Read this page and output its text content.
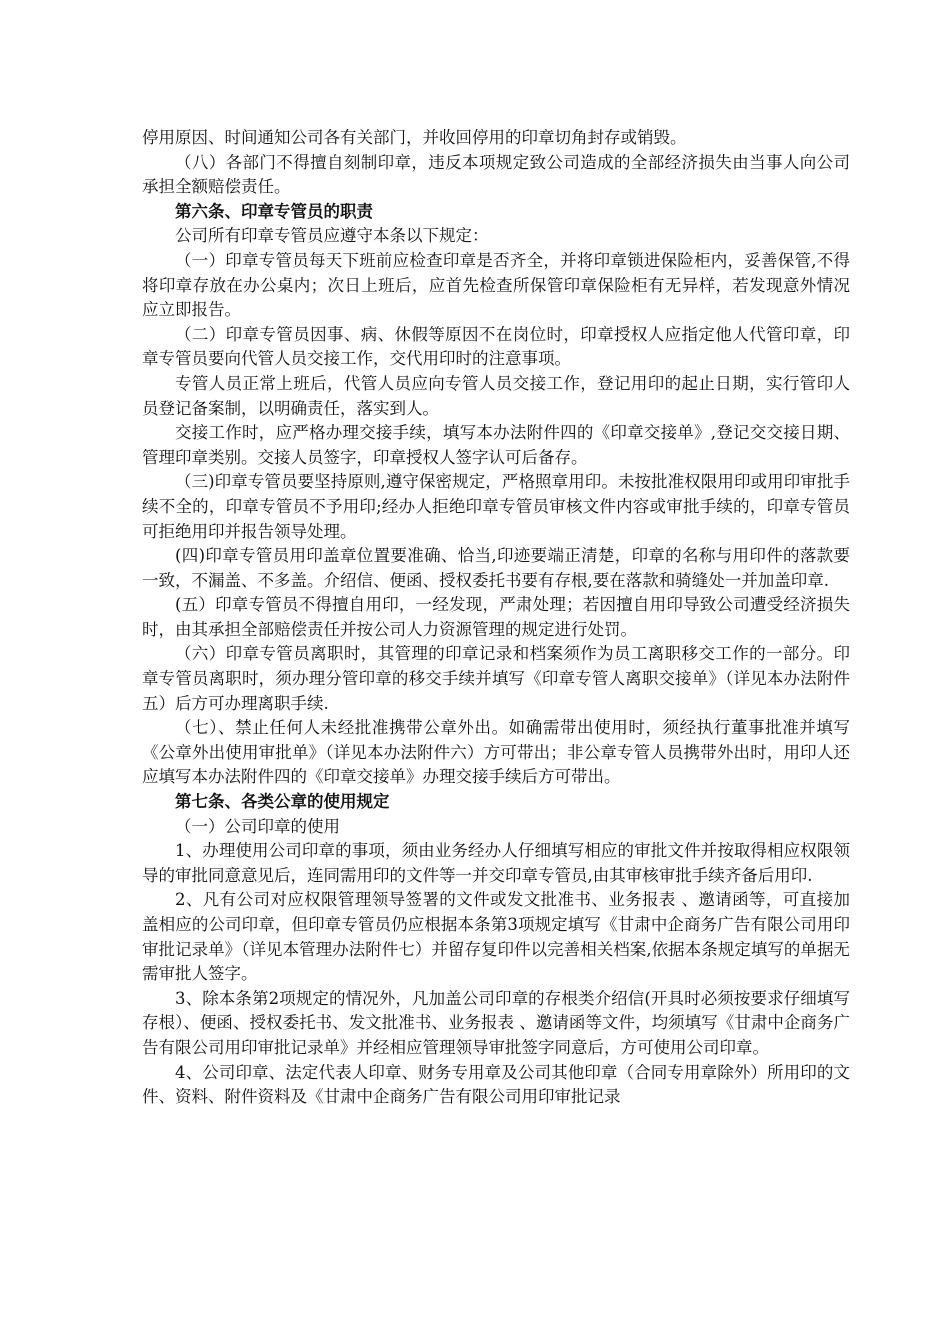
停用原因、时间通知公司各有关部门，并收回停用的印章切角封存或销毁。

（八）各部门不得擅自刻制印章，违反本项规定致公司造成的全部经济损失由当事人向公司承担全额赔偿责任。

第六条、印章专管员的职责

公司所有印章专管员应遵守本条以下规定：

（一）印章专管员每天下班前应检查印章是否齐全，并将印章锁进保险柜内，妥善保管,不得将印章存放在办公桌内；次日上班后，应首先检查所保管印章保险柜有无异样，若发现意外情况应立即报告。

（二）印章专管员因事、病、休假等原因不在岗位时，印章授权人应指定他人代管印章，印章专管员要向代管人员交接工作，交代用印时的注意事项。

专管人员正常上班后，代管人员应向专管人员交接工作，登记用印的起止日期，实行管印人员登记备案制，以明确责任，落实到人。

交接工作时，应严格办理交接手续，填写本办法附件四的《印章交接单》,登记交交接日期、管理印章类别。交接人员签字，印章授权人签字认可后备存。

（三)印章专管员要坚持原则,遵守保密规定，严格照章用印。未按批准权限用印或用印审批手续不全的，印章专管员不予用印;经办人拒绝印章专管员审核文件内容或审批手续的，印章专管员可拒绝用印并报告领导处理。

(四)印章专管员用印盖章位置要准确、恰当,印迹要端正清楚，印章的名称与用印件的落款要一致，不漏盖、不多盖。介绍信、便函、授权委托书要有存根,要在落款和骑缝处一并加盖印章.

(五）印章专管员不得擅自用印，一经发现，严肃处理；若因擅自用印导致公司遭受经济损失时，由其承担全部赔偿责任并按公司人力资源管理的规定进行处罚。

（六）印章专管员离职时，其管理的印章记录和档案须作为员工离职移交工作的一部分。印章专管员离职时，须办理分管印章的移交手续并填写《印章专管人离职交接单》（详见本办法附件五）后方可办理离职手续.

（七）、禁止任何人未经批准携带公章外出。如确需带出使用时，须经执行董事批准并填写《公章外出使用审批单》（详见本办法附件六）方可带出；非公章专管人员携带外出时，用印人还应填写本办法附件四的《印章交接单》办理交接手续后方可带出。

第七条、各类公章的使用规定

（一）公司印章的使用

1、办理使用公司印章的事项，须由业务经办人仔细填写相应的审批文件并按取得相应权限领导的审批同意意见后，连同需用印的文件等一并交印章专管员,由其审核审批手续齐备后用印.

2、凡有公司对应权限管理领导签署的文件或发文批准书、业务报表 、邀请函等，可直接加盖相应的公司印章，但印章专管员仍应根据本条第3项规定填写《甘肃中企商务广告有限公司用印审批记录单》（详见本管理办法附件七）并留存复印件以完善相关档案,依据本条规定填写的单据无需审批人签字。

3、除本条第2项规定的情况外，凡加盖公司印章的存根类介绍信(开具时必须按要求仔细填写存根）、便函、授权委托书、发文批准书、业务报表 、邀请函等文件，均须填写《甘肃中企商务广告有限公司用印审批记录单》并经相应管理领导审批签字同意后，方可使用公司印章。

4、公司印章、法定代表人印章、财务专用章及公司其他印章（合同专用章除外）所用印的文件、资料、附件资料及《甘肃中企商务广告有限公司用印审批记录
